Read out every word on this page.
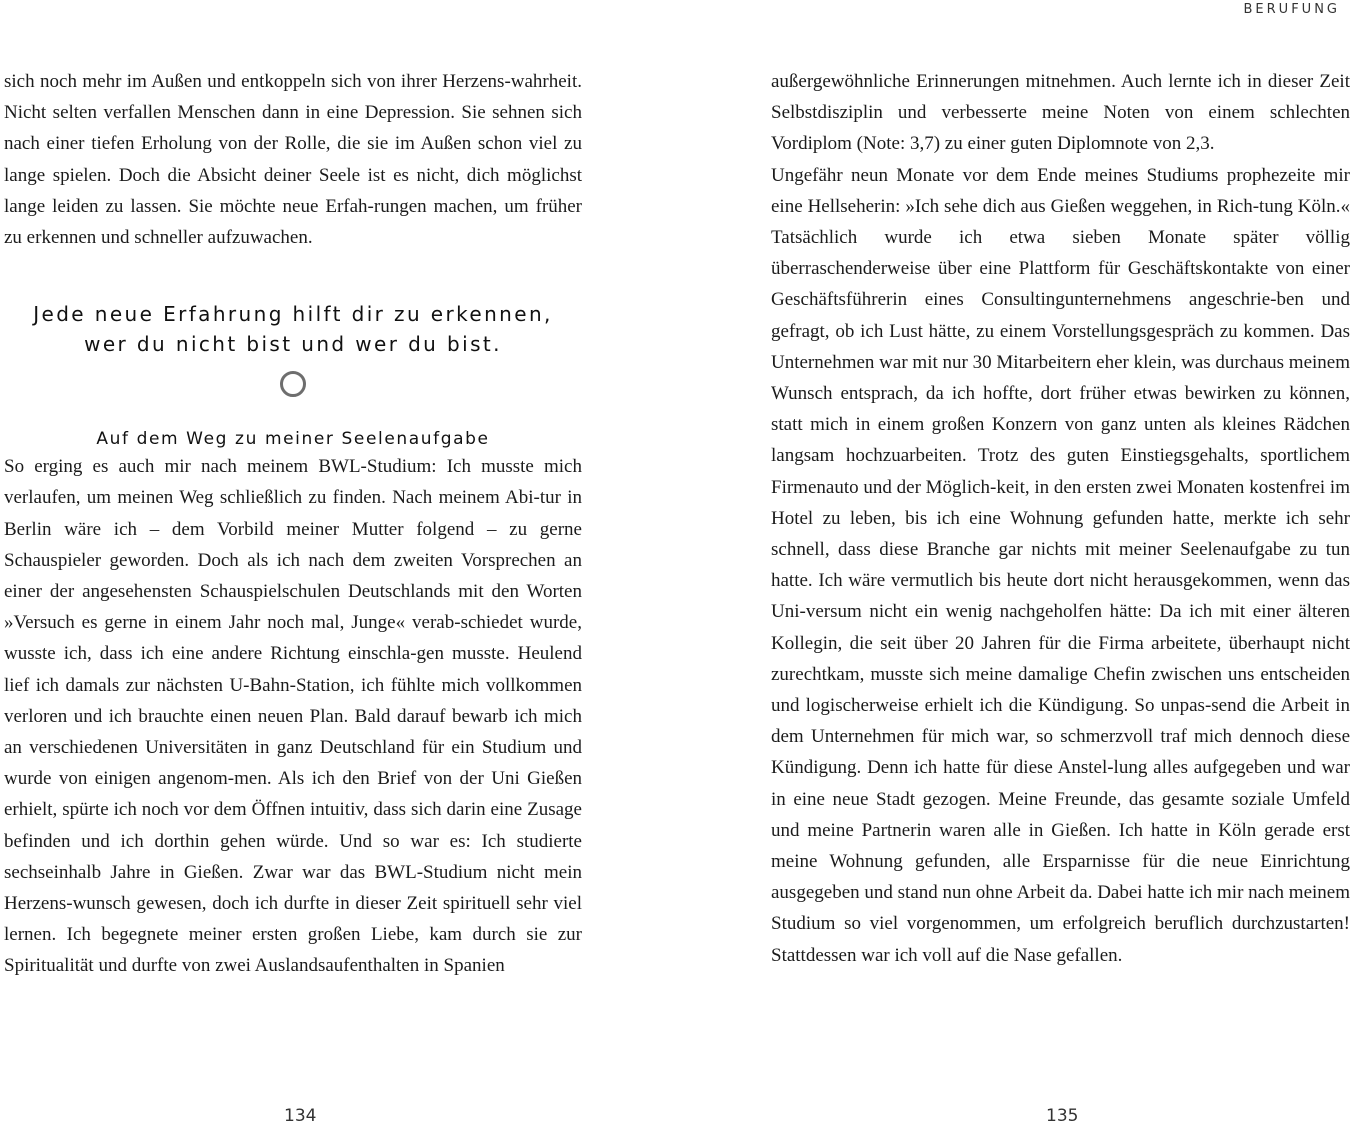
BERUFUNG

sich noch mehr im Außen und entkoppeln sich von ihrer Herzens-wahrheit. Nicht selten verfallen Menschen dann in eine Depression. Sie sehnen sich nach einer tiefen Erholung von der Rolle, die sie im Außen schon viel zu lange spielen. Doch die Absicht deiner Seele ist es nicht, dich möglichst lange leiden zu lassen. Sie möchte neue Erfah-rungen machen, um früher zu erkennen und schneller aufzuwachen.

Jede neue Erfahrung hilft dir zu erkennen,
wer du nicht bist und wer du bist.
Auf dem Weg zu meiner Seelenaufgabe

So erging es auch mir nach meinem BWL-Studium: Ich musste mich verlaufen, um meinen Weg schließlich zu finden. Nach meinem Abi-tur in Berlin wäre ich – dem Vorbild meiner Mutter folgend – zu gerne Schauspieler geworden. Doch als ich nach dem zweiten Vorsprechen an einer der angesehensten Schauspielschulen Deutschlands mit den Worten »Versuch es gerne in einem Jahr noch mal, Junge« verab-schiedet wurde, wusste ich, dass ich eine andere Richtung einschla-gen musste. Heulend lief ich damals zur nächsten U-Bahn-Station, ich fühlte mich vollkommen verloren und ich brauchte einen neuen Plan. Bald darauf bewarb ich mich an verschiedenen Universitäten in ganz Deutschland für ein Studium und wurde von einigen angenom-men. Als ich den Brief von der Uni Gießen erhielt, spürte ich noch vor dem Öffnen intuitiv, dass sich darin eine Zusage befinden und ich dorthin gehen würde. Und so war es: Ich studierte sechseinhalb Jahre in Gießen. Zwar war das BWL-Studium nicht mein Herzens-wunsch gewesen, doch ich durfte in dieser Zeit spirituell sehr viel lernen. Ich begegnete meiner ersten großen Liebe, kam durch sie zur Spiritualität und durfte von zwei Auslandsaufenthalten in Spanien

außergewöhnliche Erinnerungen mitnehmen. Auch lernte ich in dieser Zeit Selbstdisziplin und verbesserte meine Noten von einem schlechten Vordiplom (Note: 3,7) zu einer guten Diplomnote von 2,3.

Ungefähr neun Monate vor dem Ende meines Studiums prophezeite mir eine Hellseherin: »Ich sehe dich aus Gießen weggehen, in Rich-tung Köln.« Tatsächlich wurde ich etwa sieben Monate später völlig überraschenderweise über eine Plattform für Geschäftskontakte von einer Geschäftsführerin eines Consultingunternehmens angeschrie-ben und gefragt, ob ich Lust hätte, zu einem Vorstellungsgespräch zu kommen. Das Unternehmen war mit nur 30 Mitarbeitern eher klein, was durchaus meinem Wunsch entsprach, da ich hoffte, dort früher etwas bewirken zu können, statt mich in einem großen Konzern von ganz unten als kleines Rädchen langsam hochzuarbeiten. Trotz des guten Einstiegsgehalts, sportlichem Firmenauto und der Möglich-keit, in den ersten zwei Monaten kostenfrei im Hotel zu leben, bis ich eine Wohnung gefunden hatte, merkte ich sehr schnell, dass diese Branche gar nichts mit meiner Seelenaufgabe zu tun hatte. Ich wäre vermutlich bis heute dort nicht herausgekommen, wenn das Uni-versum nicht ein wenig nachgeholfen hätte: Da ich mit einer älteren Kollegin, die seit über 20 Jahren für die Firma arbeitete, überhaupt nicht zurechtkam, musste sich meine damalige Chefin zwischen uns entscheiden und logischerweise erhielt ich die Kündigung. So unpas-send die Arbeit in dem Unternehmen für mich war, so schmerzvoll traf mich dennoch diese Kündigung. Denn ich hatte für diese Anstel-lung alles aufgegeben und war in eine neue Stadt gezogen. Meine Freunde, das gesamte soziale Umfeld und meine Partnerin waren alle in Gießen. Ich hatte in Köln gerade erst meine Wohnung gefunden, alle Ersparnisse für die neue Einrichtung ausgegeben und stand nun ohne Arbeit da. Dabei hatte ich mir nach meinem Studium so viel vorgenommen, um erfolgreich beruflich durchzustarten! Stattdessen war ich voll auf die Nase gefallen.

134	135
